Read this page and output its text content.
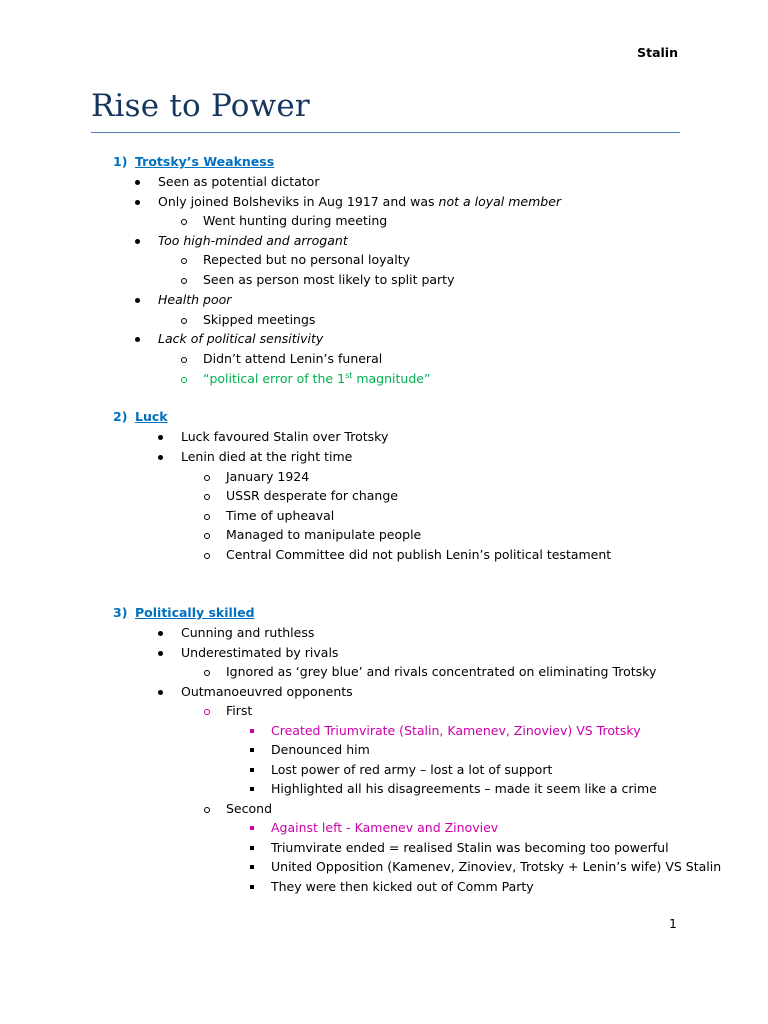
Stalin
Rise to Power
1) Trotsky’s Weakness
Seen as potential dictator
Only joined Bolsheviks in Aug 1917 and was not a loyal member
Went hunting during meeting
Too high-minded and arrogant
Repected but no personal loyalty
Seen as person most likely to split party
Health poor
Skipped meetings
Lack of political sensitivity
Didn’t attend Lenin’s funeral
“political error of the 1st magnitude”
2) Luck
Luck favoured Stalin over Trotsky
Lenin died at the right time
January 1924
USSR desperate for change
Time of upheaval
Managed to manipulate people
Central Committee did not publish Lenin’s political testament
3) Politically skilled
Cunning and ruthless
Underestimated by rivals
Ignored as ‘grey blue’ and rivals concentrated on eliminating Trotsky
Outmanoeuvred opponents
First
Created Triumvirate (Stalin, Kamenev, Zinoviev) VS Trotsky
Denounced him
Lost power of red army – lost a lot of support
Highlighted all his disagreements – made it seem like a crime
Second
Against left - Kamenev and Zinoviev
Triumvirate ended = realised Stalin was becoming too powerful
United Opposition (Kamenev, Zinoviev, Trotsky + Lenin’s wife) VS Stalin
They were then kicked out of Comm Party
1
